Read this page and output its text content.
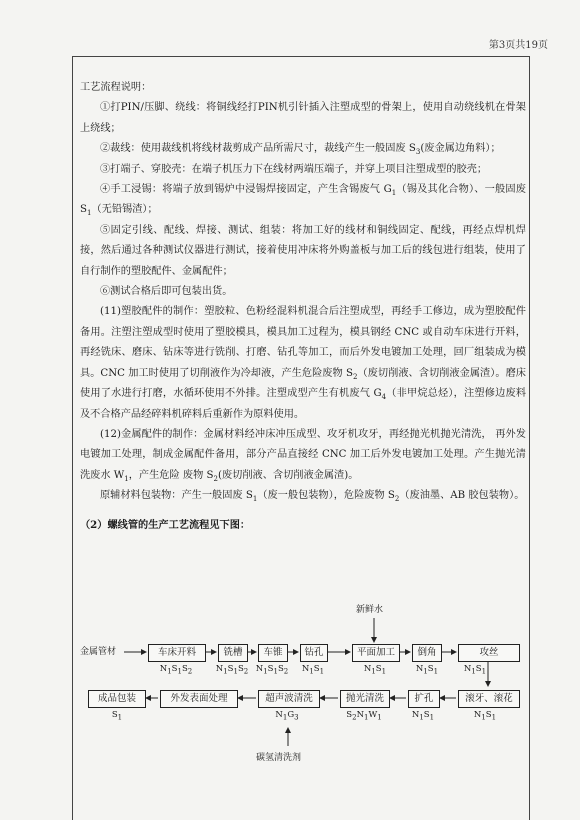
第3页共19页

工艺流程说明：

①打PIN/压脚、绕线：将铜线经打PIN机引针插入注塑成型的骨架上，使用自动绕线机在骨架上绕线；

②裁线：使用裁线机将线材裁剪成产品所需尺寸，裁线产生一般固废 $S_3$(废金属边角料）；

③打端子、穿胶壳：在端子机压力下在线材两端压端子，并穿上项目注塑成型的胶壳；

④手工浸锡：将端子放到锡炉中浸锡焊接固定，产生含锡废气 $G_1$（锡及其化合物）、一般固废 $S_1$（无铅锡渣）；

⑤固定引线、配线、焊接、测试、组装：将加工好的线材和铜线固定、配线，再经点焊机焊接，然后通过各种测试仪器进行测试，接着使用冲床将外购盖板与加工后的线包进行组装，使用了自行制作的塑胶配件、金属配件；

⑥测试合格后即可包装出货。

(11)塑胶配件的制作：塑胶粒、色粉经混料机混合后注塑成型，再经手工修边，成为塑胶配件备用。注塑注塑成型时使用了塑胶模具，模具加工过程为，模具钢经 CNC 或自动车床进行开料，再经铣床、磨床、钻床等进行铣削、打磨、钻孔等加工，而后外发电镀加工处理，回厂组装成为模具。CNC 加工时使用了切削液作为冷却液，产生危险废物 $S_2$（废切削液、含切削液金属渣）。磨床使用了水进行打磨，水循环使用不外排。注塑成型产生有机废气 $G_4$（非甲烷总烃），注塑修边废料及不合格产品经碎料机碎料后重新作为原料使用。

(12)金属配件的制作：金属材料经冲床冲压成型、攻牙机攻牙，再经抛光机抛光清洗， 再外发电镀加工处理，制成金属配件备用，部分产品直接经 CNC 加工后外发电镀加工处理。产生抛光清洗废水 $W_1$，产生危险 废物 $S_2$(废切削液、含切削液金属渣)。

原辅材料包装物：产生一般固废 $S_1$（废一般包装物），危险废物 $S_2$（废油墨、AB 胶包装物）。

（2）螺线管的生产工艺流程见下图：

金属管材
新鲜水
车床开料	铣槽	车锥	钻孔	平面加工	倒角	攻丝
$N_1S_1S_2$	$N_1S_1S_2$ $N_1S_1S_2$	$N_1S_1$	$N_1S_1$	$N_1S_1$	$N_1S_1$
成品包装	外发表面处理	超声波清洗	抛光清洗	扩孔	滚牙、滚花
$S_1$	$N_1G_3$	$S_2N_1W_1$	$N_1S_1$	$N_1S_1$
碳氢清洗剂
